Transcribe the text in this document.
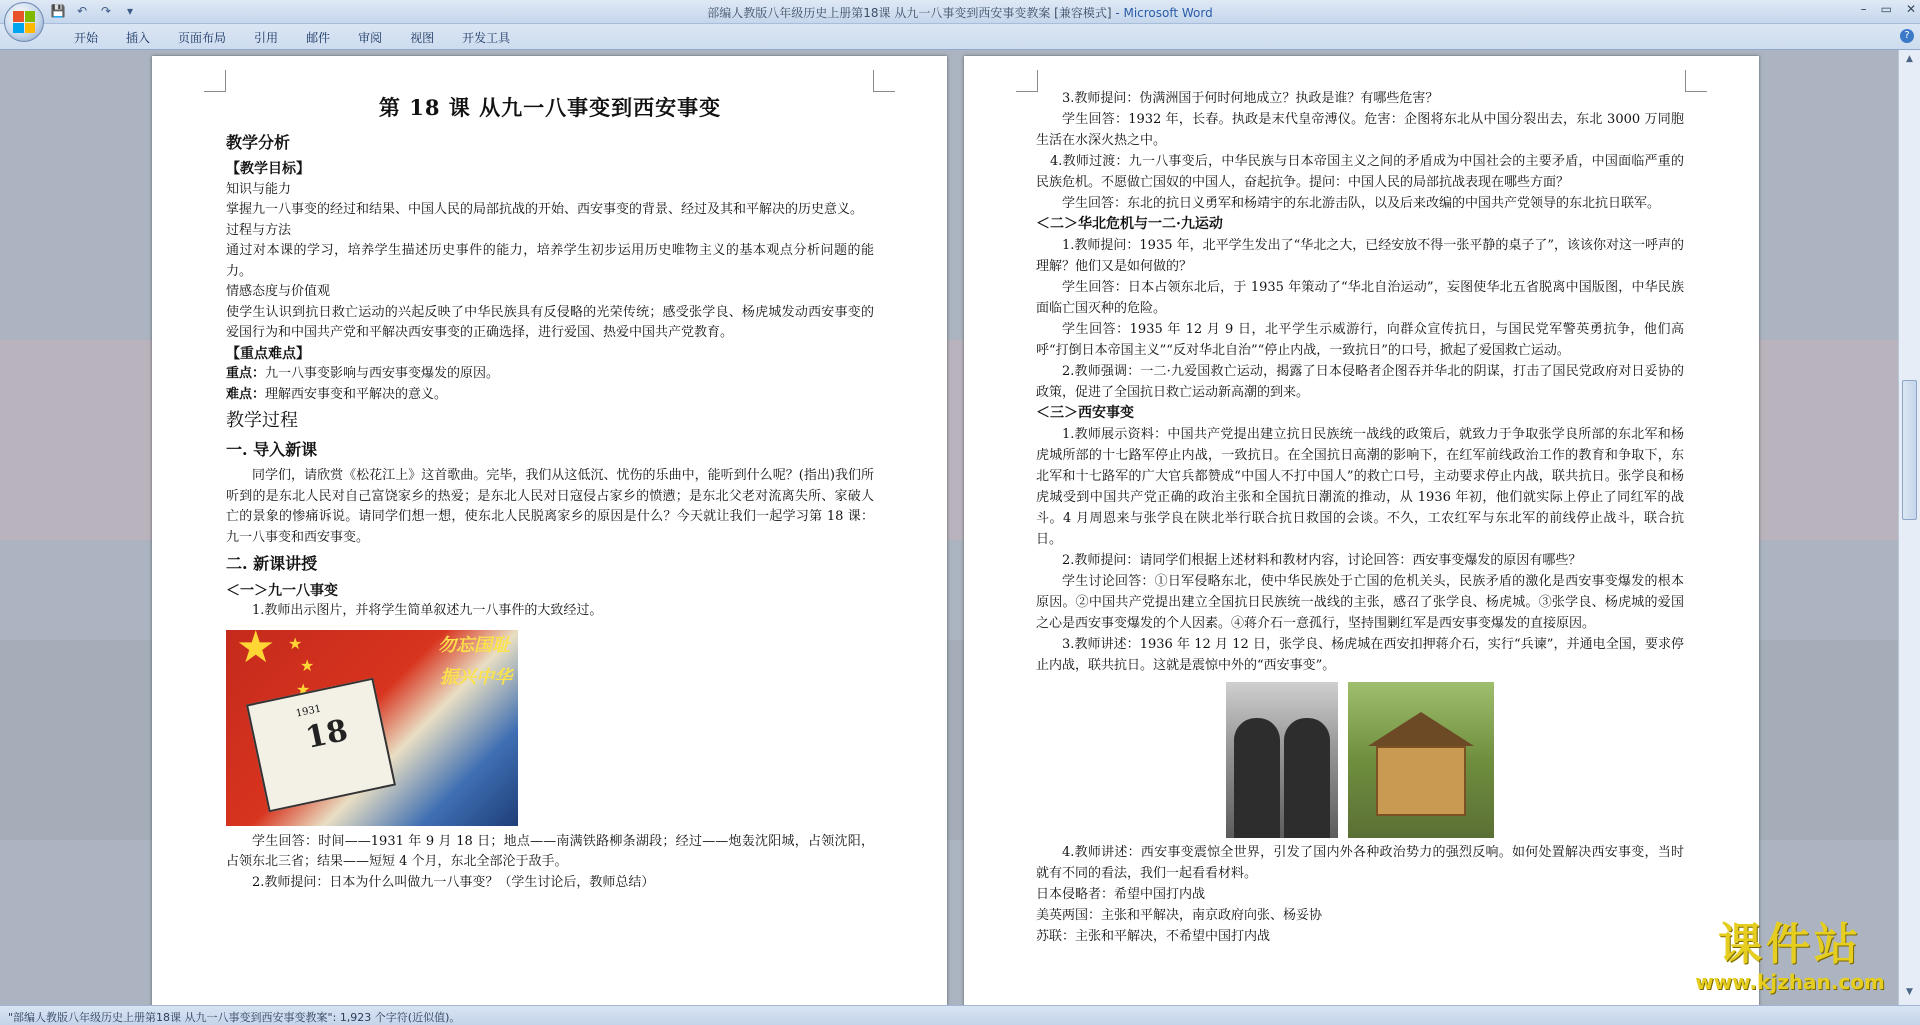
💾 ↶ ↷	▾	部编人教版八年级历史上册第18课 从九一八事变到西安事变教案 [兼容模式] - Microsoft Word	– ▭ ✕
开始	插入	页面布局	引用	邮件	审阅	视图	开发工具	?
第 18 课 从九一八事变到西安事变
教学分析
【教学目标】
知识与能力
掌握九一八事变的经过和结果、中国人民的局部抗战的开始、西安事变的背景、经过及其和平解决的历史意义。
过程与方法
通过对本课的学习，培养学生描述历史事件的能力，培养学生初步运用历史唯物主义的基本观点分析问题的能力。
情感态度与价值观
使学生认识到抗日救亡运动的兴起反映了中华民族具有反侵略的光荣传统；感受张学良、杨虎城发动西安事变的爱国行为和中国共产党和平解决西安事变的正确选择，进行爱国、热爱中国共产党教育。
【重点难点】
重点：九一八事变影响与西安事变爆发的原因。
难点：理解西安事变和平解决的意义。
教学过程
一. 导入新课
同学们，请欣赏《松花江上》这首歌曲。完毕，我们从这低沉、忧伤的乐曲中，能听到什么呢？(指出)我们所听到的是东北人民对自己富饶家乡的热爱；是东北人民对日寇侵占家乡的愤懑；是东北父老对流离失所、家破人亡的景象的惨痛诉说。请同学们想一想，使东北人民脱离家乡的原因是什么？今天就让我们一起学习第 18 课：九一八事变和西安事变。
二. 新课讲授
＜一＞九一八事变
1.教师出示图片，并将学生简单叙述九一八事件的大致经过。
★ ★
★
★
18
1931
勿忘国耻
振兴中华
学生回答：时间——1931 年 9 月 18 日；地点——南满铁路柳条湖段；经过——炮轰沈阳城，占领沈阳，占领东北三省；结果——短短 4 个月，东北全部沦于敌手。
2.教师提问：日本为什么叫做九一八事变？（学生讨论后，教师总结）
3.教师提问：伪满洲国于何时何地成立？执政是谁？有哪些危害？
学生回答：1932 年，长春。执政是末代皇帝溥仪。危害：企图将东北从中国分裂出去，东北 3000 万同胞生活在水深火热之中。
4.教师过渡：九一八事变后，中华民族与日本帝国主义之间的矛盾成为中国社会的主要矛盾，中国面临严重的民族危机。不愿做亡国奴的中国人，奋起抗争。提问：中国人民的局部抗战表现在哪些方面？
学生回答：东北的抗日义勇军和杨靖宇的东北游击队，以及后来改编的中国共产党领导的东北抗日联军。
＜二＞华北危机与一二·九运动
1.教师提问：1935 年，北平学生发出了“华北之大，已经安放不得一张平静的桌子了”，该该你对这一呼声的理解？他们又是如何做的？
学生回答：日本占领东北后，于 1935 年策动了“华北自治运动”，妄图使华北五省脱离中国版图，中华民族面临亡国灭种的危险。
学生回答：1935 年 12 月 9 日，北平学生示威游行，向群众宣传抗日，与国民党军警英勇抗争，他们高呼“打倒日本帝国主义”“反对华北自治”“停止内战，一致抗日”的口号，掀起了爱国救亡运动。
2.教师强调：一二·九爱国救亡运动，揭露了日本侵略者企图吞并华北的阴谋，打击了国民党政府对日妥协的政策，促进了全国抗日救亡运动新高潮的到来。
＜三＞西安事变
1.教师展示资料：中国共产党提出建立抗日民族统一战线的政策后，就致力于争取张学良所部的东北军和杨虎城所部的十七路军停止内战，一致抗日。在全国抗日高潮的影响下，在红军前线政治工作的教育和争取下，东北军和十七路军的广大官兵都赞成“中国人不打中国人”的救亡口号，主动要求停止内战，联共抗日。张学良和杨虎城受到中国共产党正确的政治主张和全国抗日潮流的推动，从 1936 年初，他们就实际上停止了同红军的战斗。4 月周恩来与张学良在陕北举行联合抗日救国的会谈。不久，工农红军与东北军的前线停止战斗，联合抗日。
2.教师提问：请同学们根据上述材料和教材内容，讨论回答：西安事变爆发的原因有哪些？
学生讨论回答：①日军侵略东北，使中华民族处于亡国的危机关头，民族矛盾的激化是西安事变爆发的根本原因。②中国共产党提出建立全国抗日民族统一战线的主张，感召了张学良、杨虎城。③张学良、杨虎城的爱国之心是西安事变爆发的个人因素。④蒋介石一意孤行，坚持围剿红军是西安事变爆发的直接原因。
3.教师讲述：1936 年 12 月 12 日，张学良、杨虎城在西安扣押蒋介石，实行“兵谏”，并通电全国，要求停止内战，联共抗日。这就是震惊中外的“西安事变”。
4.教师讲述：西安事变震惊全世界，引发了国内外各种政治势力的强烈反响。如何处置解决西安事变，当时就有不同的看法，我们一起看看材料。
日本侵略者：希望中国打内战
美英两国：主张和平解决，南京政府向张、杨妥协
苏联：主张和平解决，不希望中国打内战
▲
▼
"部编人教版八年级历史上册第18课 从九一八事变到西安事变教案": 1,923 个字符(近似值)。
课件站
www.kjzhan.com
